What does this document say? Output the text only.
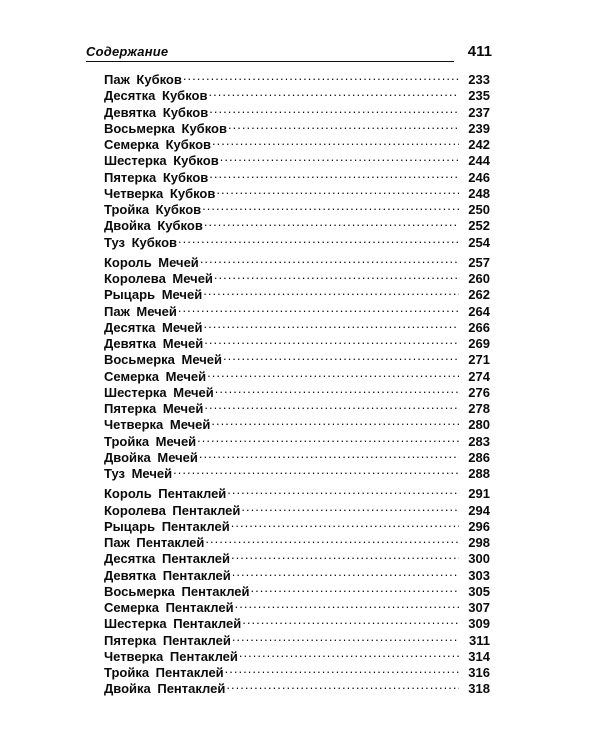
Содержание	411
Паж Кубков . . .	233
Десятка Кубков . . .	235
Девятка Кубков . . .	237
Восьмерка Кубков . . .	239
Семерка Кубков . . .	242
Шестерка Кубков . . .	244
Пятерка Кубков . . .	246
Четверка Кубков . . .	248
Тройка Кубков . . .	250
Двойка Кубков . . .	252
Туз Кубков . . .	254
Король Мечей . . .	257
Королева Мечей . . .	260
Рыцарь Мечей . . .	262
Паж Мечей . . .	264
Десятка Мечей . . .	266
Девятка Мечей . . .	269
Восьмерка Мечей . . .	271
Семерка Мечей . . .	274
Шестерка Мечей . . .	276
Пятерка Мечей . . .	278
Четверка Мечей . . .	280
Тройка Мечей . . .	283
Двойка Мечей . . .	286
Туз Мечей . . .	288
Король Пентаклей . . .	291
Королева Пентаклей . . .	294
Рыцарь Пентаклей . . .	296
Паж Пентаклей . . .	298
Десятка Пентаклей . . .	300
Девятка Пентаклей . . .	303
Восьмерка Пентаклей . . .	305
Семерка Пентаклей . . .	307
Шестерка Пентаклей . . .	309
Пятерка Пентаклей . . .	311
Четверка Пентаклей . . .	314
Тройка Пентаклей . . .	316
Двойка Пентаклей . . .	318
